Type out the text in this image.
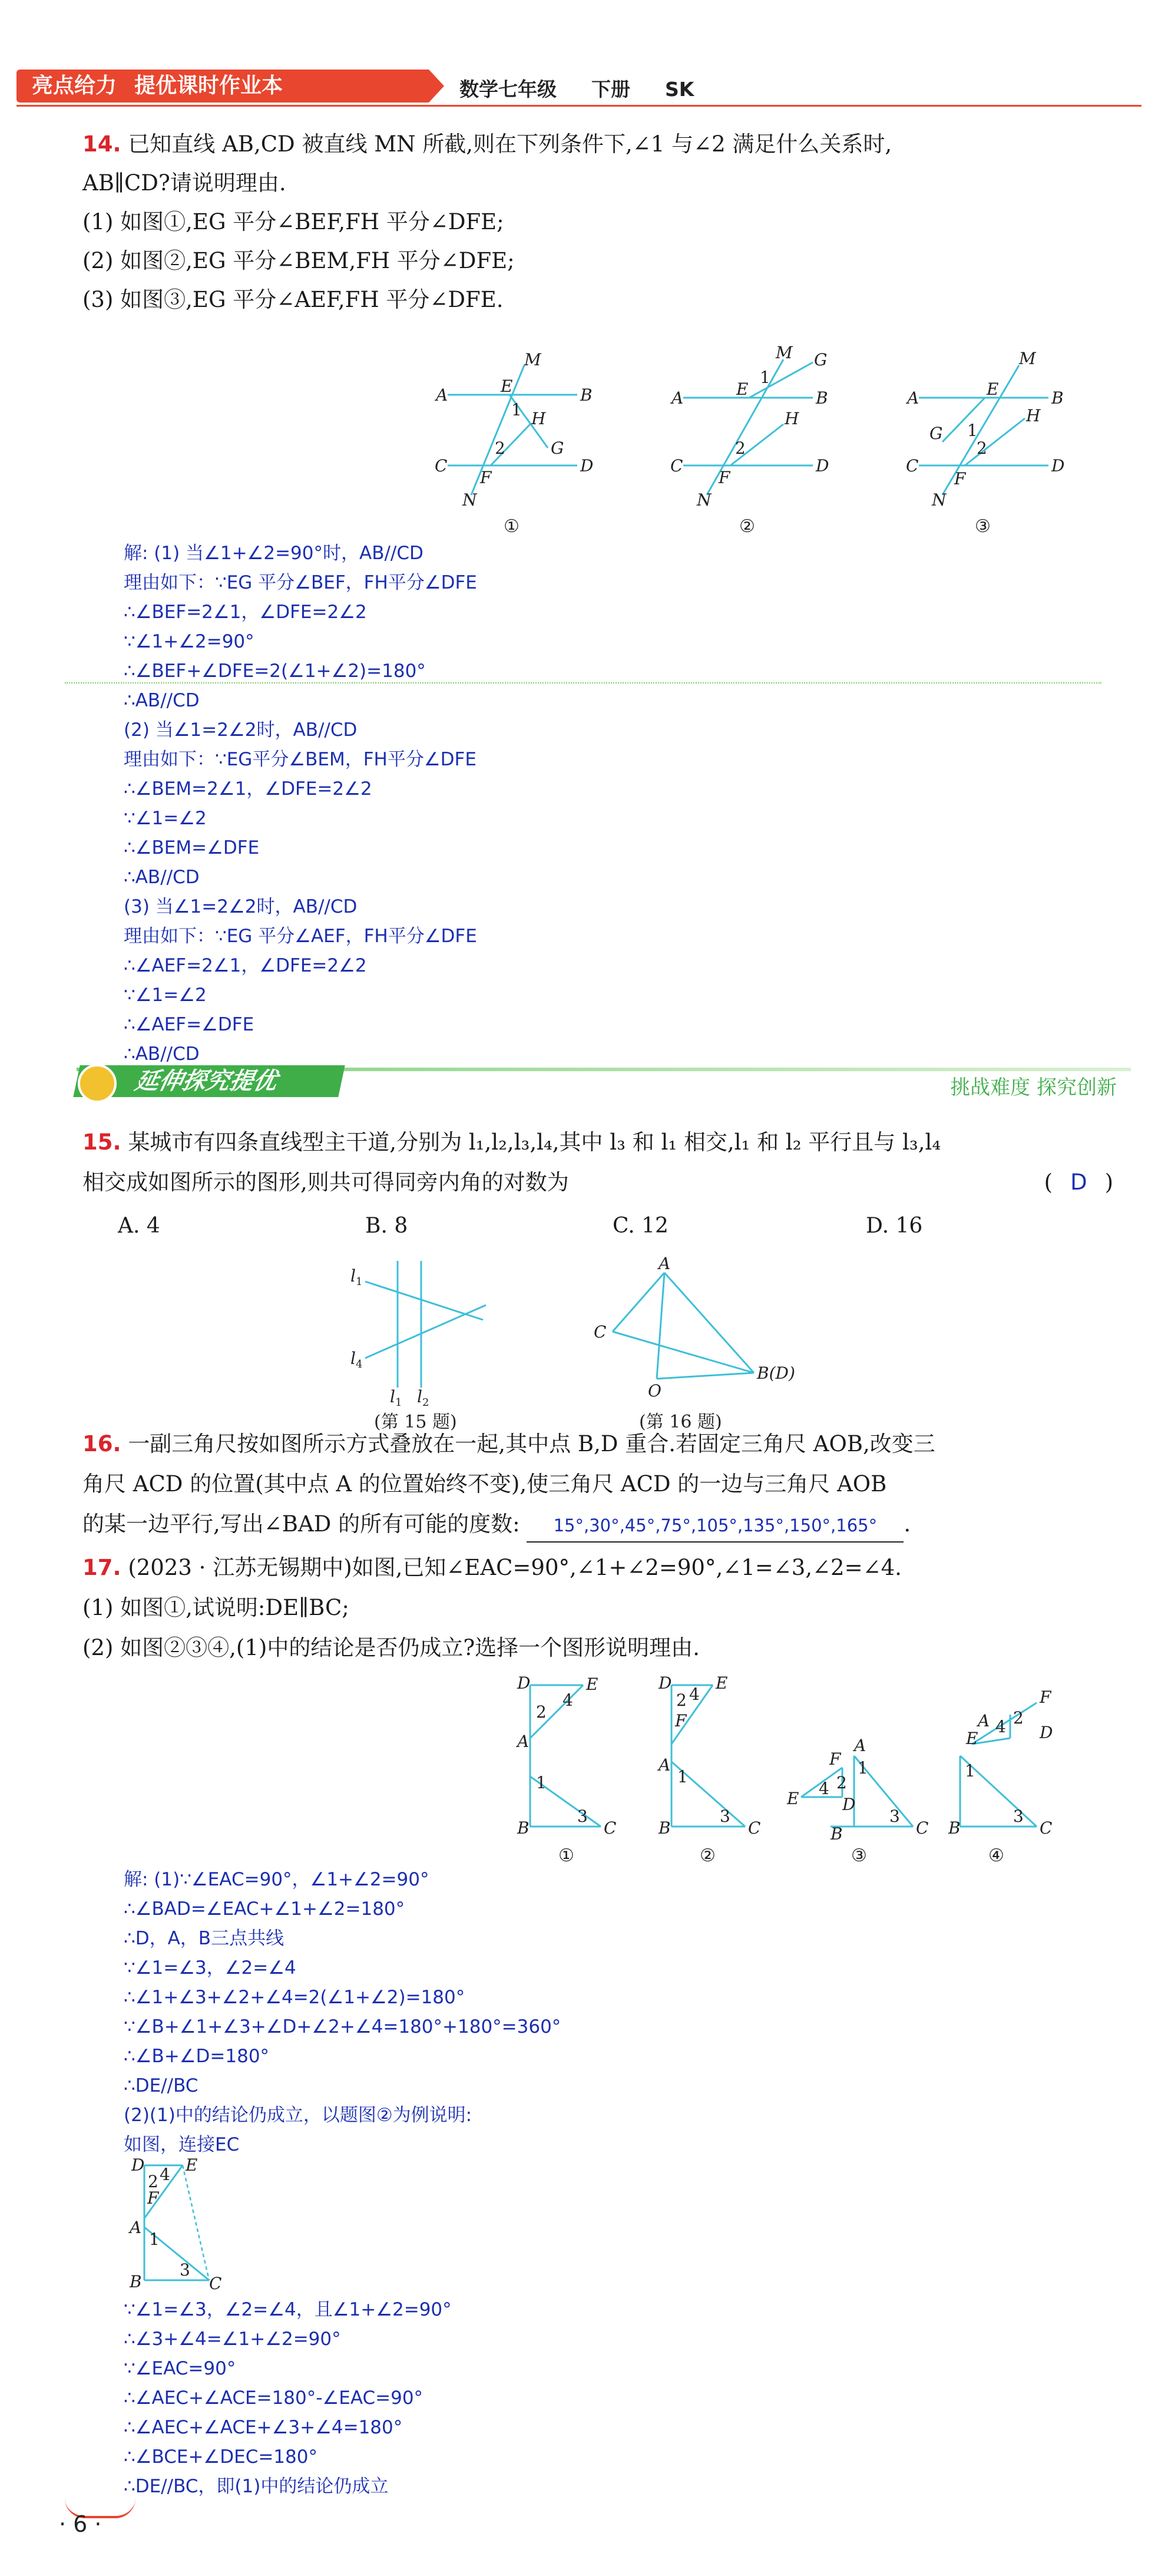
亮点给力 提优课时作业本	数学七年级 下册 SK
14. 已知直线 AB,CD 被直线 MN 所截,则在下列条件下,∠1 与∠2 满足什么关系时,
AB∥CD?请说明理由.
(1) 如图①,EG 平分∠BEF,FH 平分∠DFE;
(2) 如图②,EG 平分∠BEM,FH 平分∠DFE;
(3) 如图③,EG 平分∠AEF,FH 平分∠DFE.
A	B
C	D
M
N
E
F
G
H
1
2
A	B
C	D
M G
N
E
F
H
1
2
A	B
C	D
M
N
E
F
G
H
1
2
①	②	③
解: (1) 当∠1+∠2=90°时，AB//CD
理由如下：∵EG 平分∠BEF，FH平分∠DFE
∴∠BEF=2∠1，∠DFE=2∠2
∵∠1+∠2=90°
∴∠BEF+∠DFE=2(∠1+∠2)=180°
∴AB//CD
(2) 当∠1=2∠2时，AB//CD
理由如下：∵EG平分∠BEM，FH平分∠DFE
∴∠BEM=2∠1，∠DFE=2∠2
∵∠1=∠2
∴∠BEM=∠DFE
∴AB//CD
(3) 当∠1=2∠2时，AB//CD
理由如下：∵EG 平分∠AEF，FH平分∠DFE
∴∠AEF=2∠1，∠DFE=2∠2
∵∠1=∠2
∴∠AEF=∠DFE
∴AB//CD
延伸探究提优	挑战难度 探究创新
15. 某城市有四条直线型主干道,分别为 l₁,l₂,l₃,l₄,其中 l₃ 和 l₁ 相交,l₁ 和 l₂ 平行且与 l₃,l₄
相交成如图所示的图形,则共可得同旁内角的对数为	( D )
A. 4	B. 8	C. 12	D. 16
$l_1$
$l_4$
$l_1$ $l_2$
A
C
O
B(D)
(第 15 题)	(第 16 题)
16. 一副三角尺按如图所示方式叠放在一起,其中点 B,D 重合.若固定三角尺 AOB,改变三
角尺 ACD 的位置(其中点 A 的位置始终不变),使三角尺 ACD 的一边与三角尺 AOB
的某一边平行,写出∠BAD 的所有可能的度数: 15°,30°,45°,75°,105°,135°,150°,165° .
17. (2023 · 江苏无锡期中)如图,已知∠EAC=90°,∠1+∠2=90°,∠1=∠3,∠2=∠4.
(1) 如图①,试说明:DE∥BC;
(2) 如图②③④,(1)中的结论是否仍成立?选择一个图形说明理由.
D	E
A
B	C
4
2
1
3
D	E
F
A
B	C
2 4
1
3
A
F
E	D
B	C
4 2
1
3
F
D
E
A
B	C
4 2
1
3
①	②	③	④
解: (1)∵∠EAC=90°，∠1+∠2=90°
∴∠BAD=∠EAC+∠1+∠2=180°
∴D，A，B三点共线
∵∠1=∠3，∠2=∠4
∴∠1+∠3+∠2+∠4=2(∠1+∠2)=180°
∵∠B+∠1+∠3+∠D+∠2+∠4=180°+180°=360°
∴∠B+∠D=180°
∴DE//BC
(2)(1)中的结论仍成立，以题图②为例说明:
如图，连接EC
D E
F
A
B	C
2 4
1
3
∵∠1=∠3，∠2=∠4，且∠1+∠2=90°
∴∠3+∠4=∠1+∠2=90°
∵∠EAC=90°
∴∠AEC+∠ACE=180°-∠EAC=90°
∴∠AEC+∠ACE+∠3+∠4=180°
∴∠BCE+∠DEC=180°
∴DE//BC，即(1)中的结论仍成立
· 6 ·
